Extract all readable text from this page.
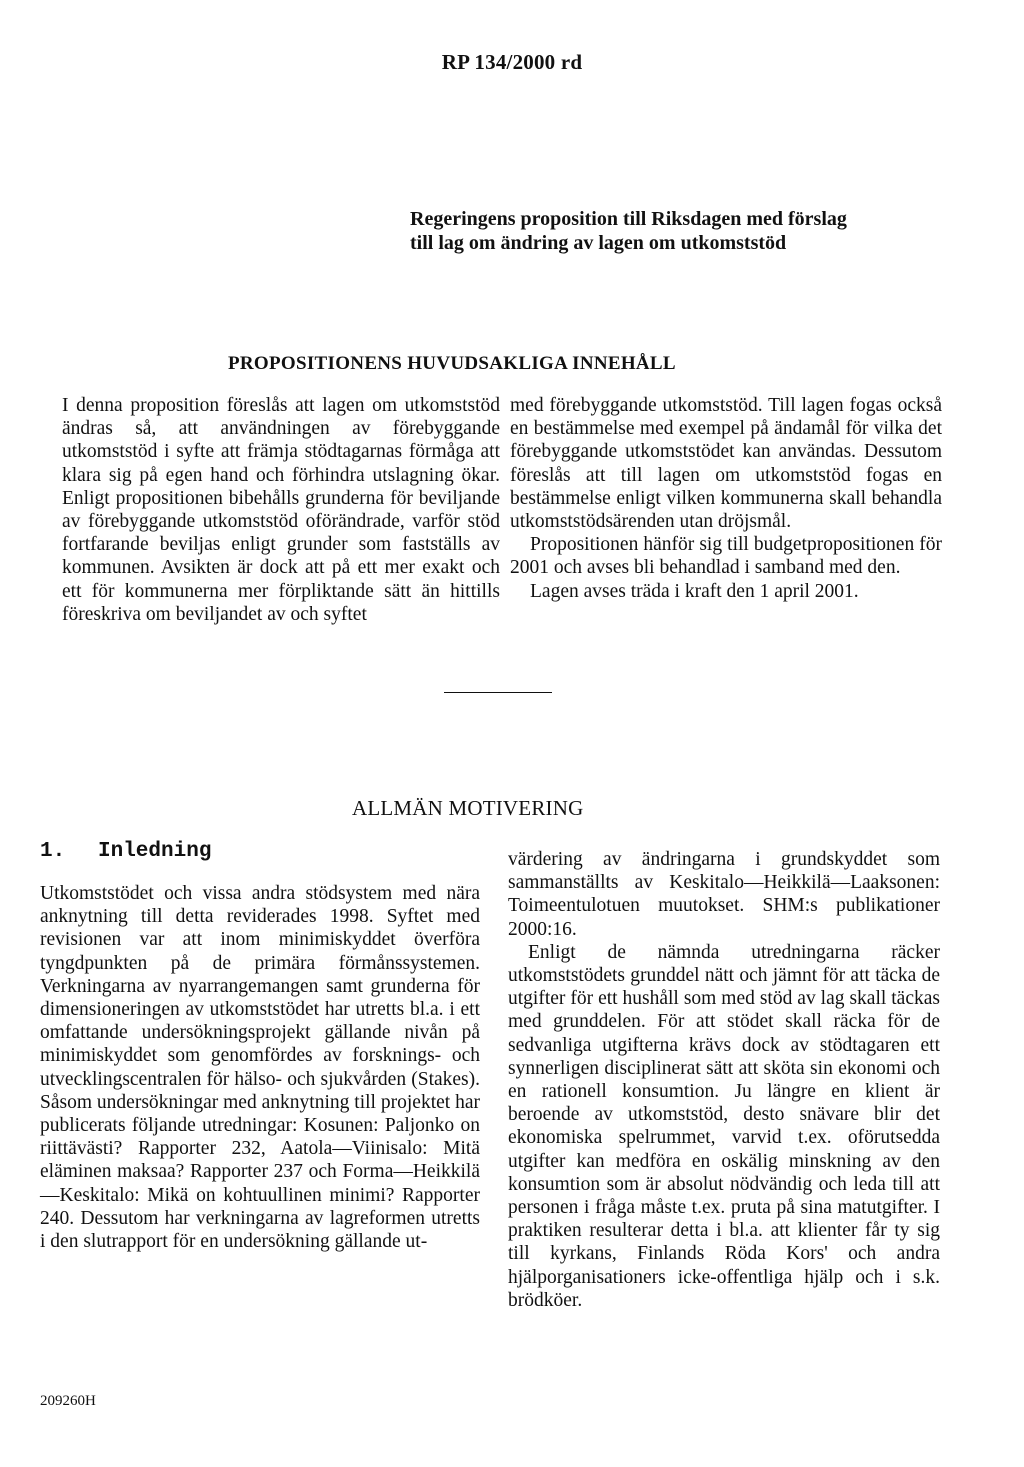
RP 134/2000 rd
Regeringens proposition till Riksdagen med förslag
till lag om ändring av lagen om utkomststöd
PROPOSITIONENS HUVUDSAKLIGA INNEHÅLL

I denna proposition föreslås att lagen om utkomststöd ändras så, att användningen av förebyggande utkomststöd i syfte att främja stödtagarnas förmåga att klara sig på egen hand och förhindra utslagning ökar. Enligt propositionen bibehålls grunderna för beviljande av förebyggande utkomststöd oförändrade, varför stöd fortfarande beviljas enligt grunder som fastställs av kommunen. Avsikten är dock att på ett mer exakt och ett för kommunerna mer förpliktande sätt än hittills föreskriva om beviljandet av och syftet

med förebyggande utkomststöd. Till lagen fogas också en bestämmelse med exempel på ändamål för vilka det förebyggande utkomststödet kan användas. Dessutom föreslås att till lagen om utkomststöd fogas en bestämmelse enligt vilken kommunerna skall behandla utkomststödsärenden utan dröjsmål.

Propositionen hänför sig till budgetpropositionen för 2001 och avses bli behandlad i samband med den.

Lagen avses träda i kraft den 1 april 2001.

ALLMÄN MOTIVERING
1. Inledning

Utkomststödet och vissa andra stödsystem med nära anknytning till detta reviderades 1998. Syftet med revisionen var att inom minimiskyddet överföra tyngdpunkten på de primära förmånssystemen. Verkningarna av nyarrangemangen samt grunderna för dimensioneringen av utkomststödet har utretts bl.a. i ett omfattande undersökningsprojekt gällande nivån på minimiskyddet som genomfördes av forsknings- och utvecklingscentralen för hälso- och sjukvården (Stakes). Såsom undersökningar med anknytning till projektet har publicerats följande utredningar: Kosunen: Paljonko on riittävästi? Rapporter 232, Aatola—Viinisalo: Mitä eläminen maksaa? Rapporter 237 och Forma—Heikkilä—Keskitalo: Mikä on kohtuullinen minimi? Rapporter 240. Dessutom har verkningarna av lagreformen utretts i den slutrapport för en undersökning gällande ut-

värdering av ändringarna i grundskyddet som sammanställts av Keskitalo—Heikkilä—Laaksonen: Toimeentulotuen muutokset. SHM:s publikationer 2000:16.

Enligt de nämnda utredningarna räcker utkomststödets grunddel nätt och jämnt för att täcka de utgifter för ett hushåll som med stöd av lag skall täckas med grunddelen. För att stödet skall räcka för de sedvanliga utgifterna krävs dock av stödtagaren ett synnerligen disciplinerat sätt att sköta sin ekonomi och en rationell konsumtion. Ju längre en klient är beroende av utkomststöd, desto snävare blir det ekonomiska spelrummet, varvid t.ex. oförutsedda utgifter kan medföra en oskälig minskning av den konsumtion som är absolut nödvändig och leda till att personen i fråga måste t.ex. pruta på sina matutgifter. I praktiken resulterar detta i bl.a. att klienter får ty sig till kyrkans, Finlands Röda Kors' och andra hjälporganisationers icke-offentliga hjälp och i s.k. brödköer.

209260H
